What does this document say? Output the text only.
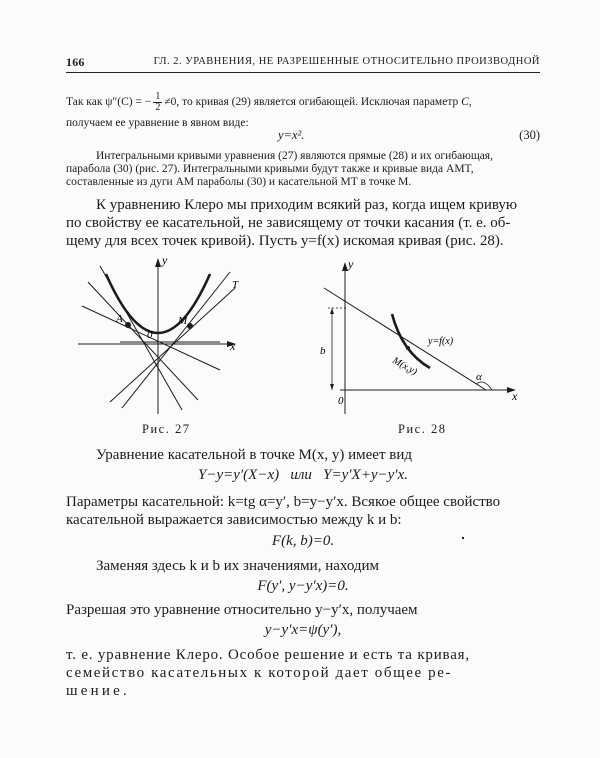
166	ГЛ. 2. УРАВНЕНИЯ, НЕ РАЗРЕШЕННЫЕ ОТНОСИТЕЛЬНО ПРОИЗВОДНОЙ
Так как ψ″(C) = − $\frac{1}{2} \ne 0$, то кривая (29) является огибающей. Исключая параметр C,
получаем ее уравнение в явном виде:
y=x².	(30)
Интегральными кривыми уравнения (27) являются прямые (28) и их огибающая,
парабола (30) (рис. 27). Интегральными кривыми будут также и кривые вида AMT,
составленные из дуги AM параболы (30) и касательной MT в точке M.
К уравнению Клеро мы приходим всякий раз, когда ищем кривую
по свойству ее касательной, не зависящему от точки касания (т. е. об-
щему для всех точек кривой). Пусть y=f(x) искомая кривая (рис. 28).
y
x
A	M
T
0
Рис. 27
y
x
b
0
M(x,y)
y=f(x)
α
Рис. 28
Уравнение касательной в точке M(x, y) имеет вид
Y−y=y′(X−x)   или   Y=y′X+y−y′x.
Параметры касательной: k=tg α=y′, b=y−y′x. Всякое общее свойство
касательной выражается зависимостью между k и b:
F(k, b)=0.
Заменяя здесь k и b их значениями, находим
F(y′, y−y′x)=0.
Разрешая это уравнение относительно y−y′x, получаем
y−y′x=ψ(y′),
т. е. уравнение Клеро. Особое решение и есть та кривая,
семейство касательных к которой дает общее ре-
шение.
